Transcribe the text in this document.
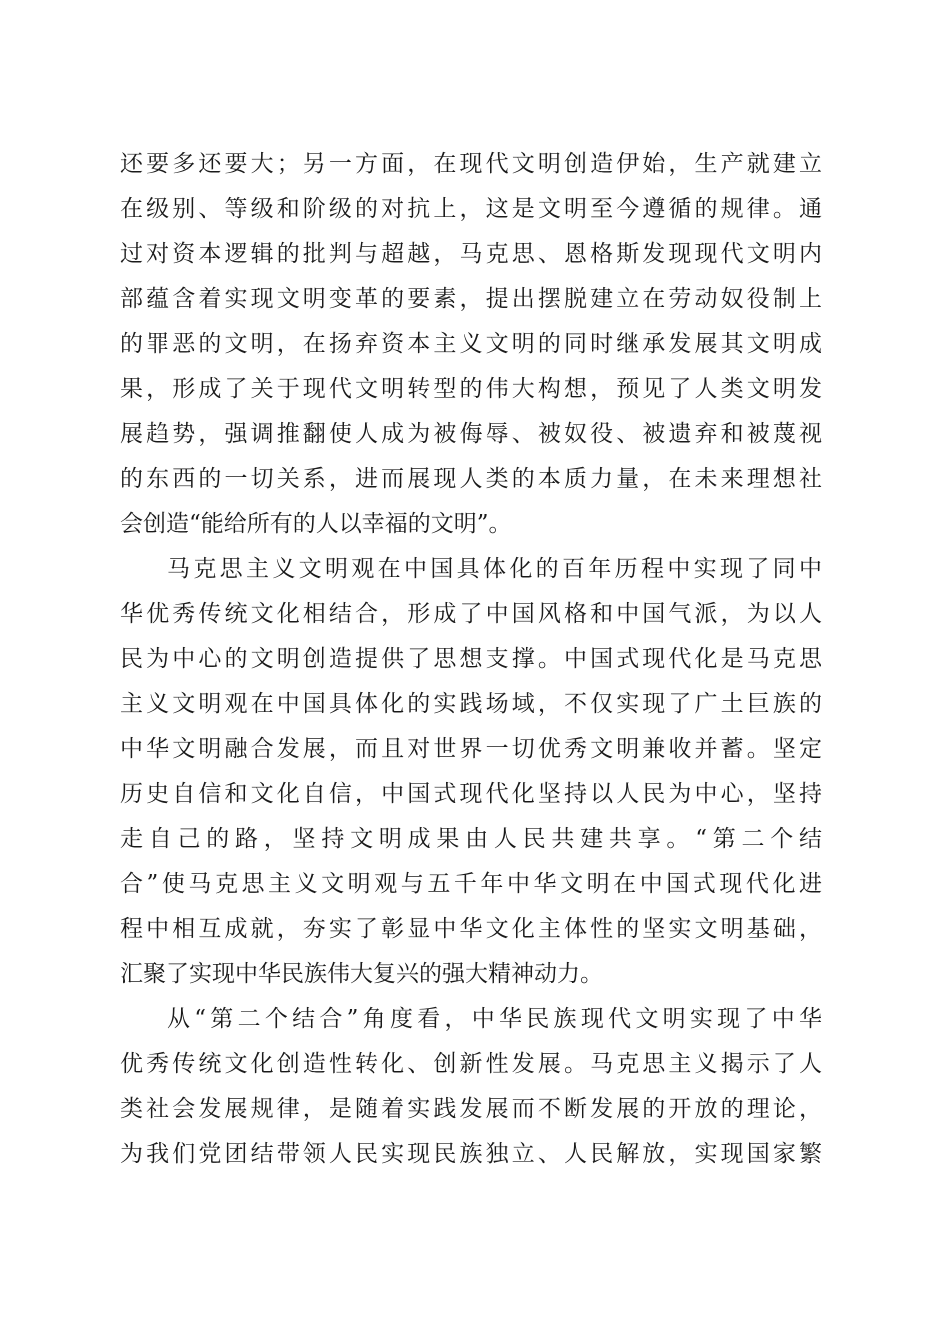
还要多还要大；另一方面，在现代文明创造伊始，生产就建立
在级别、等级和阶级的对抗上，这是文明至今遵循的规律。通
过对资本逻辑的批判与超越，马克思、恩格斯发现现代文明内
部蕴含着实现文明变革的要素，提出摆脱建立在劳动奴役制上
的罪恶的文明，在扬弃资本主义文明的同时继承发展其文明成
果，形成了关于现代文明转型的伟大构想，预见了人类文明发
展趋势，强调推翻使人成为被侮辱、被奴役、被遗弃和被蔑视
的东西的一切关系，进而展现人类的本质力量，在未来理想社
会创造“能给所有的人以幸福的文明”。
马克思主义文明观在中国具体化的百年历程中实现了同中
华优秀传统文化相结合，形成了中国风格和中国气派，为以人
民为中心的文明创造提供了思想支撑。中国式现代化是马克思
主义文明观在中国具体化的实践场域，不仅实现了广土巨族的
中华文明融合发展，而且对世界一切优秀文明兼收并蓄。坚定
历史自信和文化自信，中国式现代化坚持以人民为中心，坚持
走自己的路，坚持文明成果由人民共建共享。“第二个结
合”使马克思主义文明观与五千年中华文明在中国式现代化进
程中相互成就，夯实了彰显中华文化主体性的坚实文明基础，
汇聚了实现中华民族伟大复兴的强大精神动力。
从“第二个结合”角度看，中华民族现代文明实现了中华
优秀传统文化创造性转化、创新性发展。马克思主义揭示了人
类社会发展规律，是随着实践发展而不断发展的开放的理论，
为我们党团结带领人民实现民族独立、人民解放，实现国家繁
